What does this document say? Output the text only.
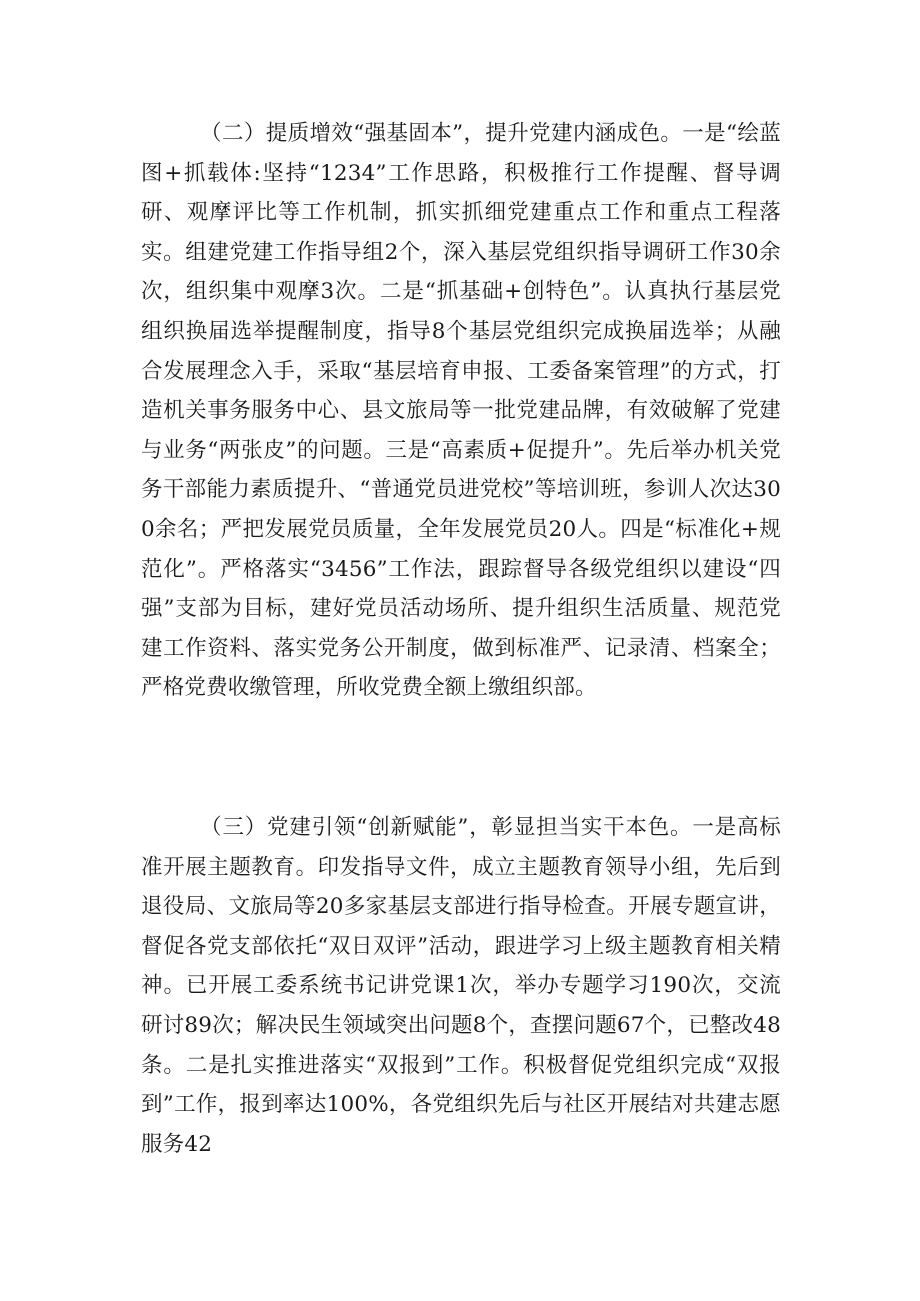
（二）提质增效“强基固本”，提升党建内涵成色。一是“绘蓝图+抓载体:坚持“1234”工作思路，积极推行工作提醒、督导调研、观摩评比等工作机制，抓实抓细党建重点工作和重点工程落实。组建党建工作指导组2个，深入基层党组织指导调研工作30余次，组织集中观摩3次。二是“抓基础+创特色”。认真执行基层党组织换届选举提醒制度，指导8个基层党组织完成换届选举；从融合发展理念入手，采取“基层培育申报、工委备案管理”的方式，打造机关事务服务中心、县文旅局等一批党建品牌，有效破解了党建与业务“两张皮”的问题。三是“高素质+促提升”。先后举办机关党务干部能力素质提升、“普通党员进党校”等培训班，参训人次达300余名；严把发展党员质量，全年发展党员20人。四是“标准化+规范化”。严格落实“3456”工作法，跟踪督导各级党组织以建设“四强”支部为目标，建好党员活动场所、提升组织生活质量、规范党建工作资料、落实党务公开制度，做到标准严、记录清、档案全；严格党费收缴管理，所收党费全额上缴组织部。

（三）党建引领“创新赋能”，彰显担当实干本色。一是高标准开展主题教育。印发指导文件，成立主题教育领导小组，先后到退役局、文旅局等20多家基层支部进行指导检查。开展专题宣讲，督促各党支部依托“双日双评”活动，跟进学习上级主题教育相关精神。已开展工委系统书记讲党课1次，举办专题学习190次，交流研讨89次；解决民生领域突出问题8个，查摆问题67个，已整改48条。二是扎实推进落实“双报到”工作。积极督促党组织完成“双报到”工作，报到率达100%，各党组织先后与社区开展结对共建志愿服务42
